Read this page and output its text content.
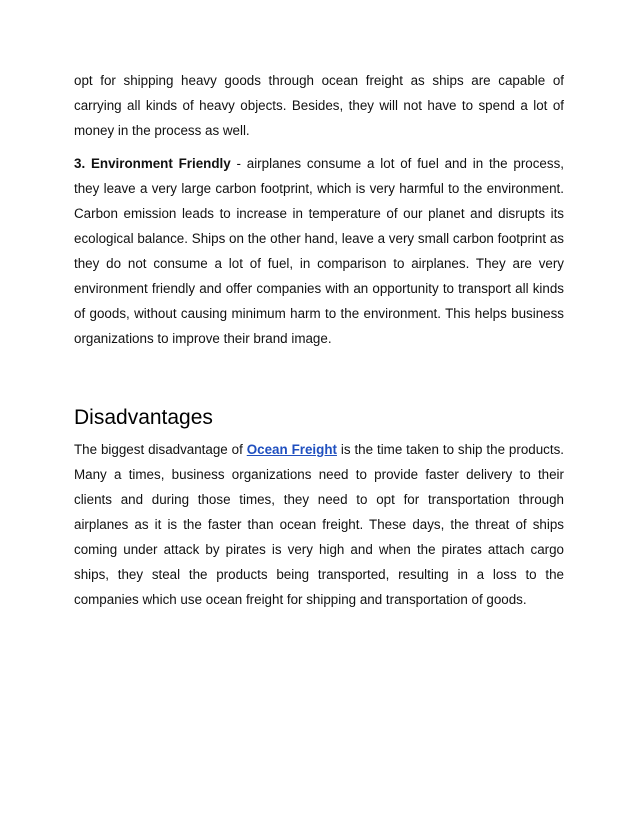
opt for shipping heavy goods through ocean freight as ships are capable of carrying all kinds of heavy objects. Besides, they will not have to spend a lot of money in the process as well.

3. Environment Friendly - airplanes consume a lot of fuel and in the process, they leave a very large carbon footprint, which is very harmful to the environment. Carbon emission leads to increase in temperature of our planet and disrupts its ecological balance. Ships on the other hand, leave a very small carbon footprint as they do not consume a lot of fuel, in comparison to airplanes. They are very environment friendly and offer companies with an opportunity to transport all kinds of goods, without causing minimum harm to the environment. This helps business organizations to improve their brand image.

Disadvantages

The biggest disadvantage of Ocean Freight is the time taken to ship the products. Many a times, business organizations need to provide faster delivery to their clients and during those times, they need to opt for transportation through airplanes as it is the faster than ocean freight. These days, the threat of ships coming under attack by pirates is very high and when the pirates attach cargo ships, they steal the products being transported, resulting in a loss to the companies which use ocean freight for shipping and transportation of goods.
